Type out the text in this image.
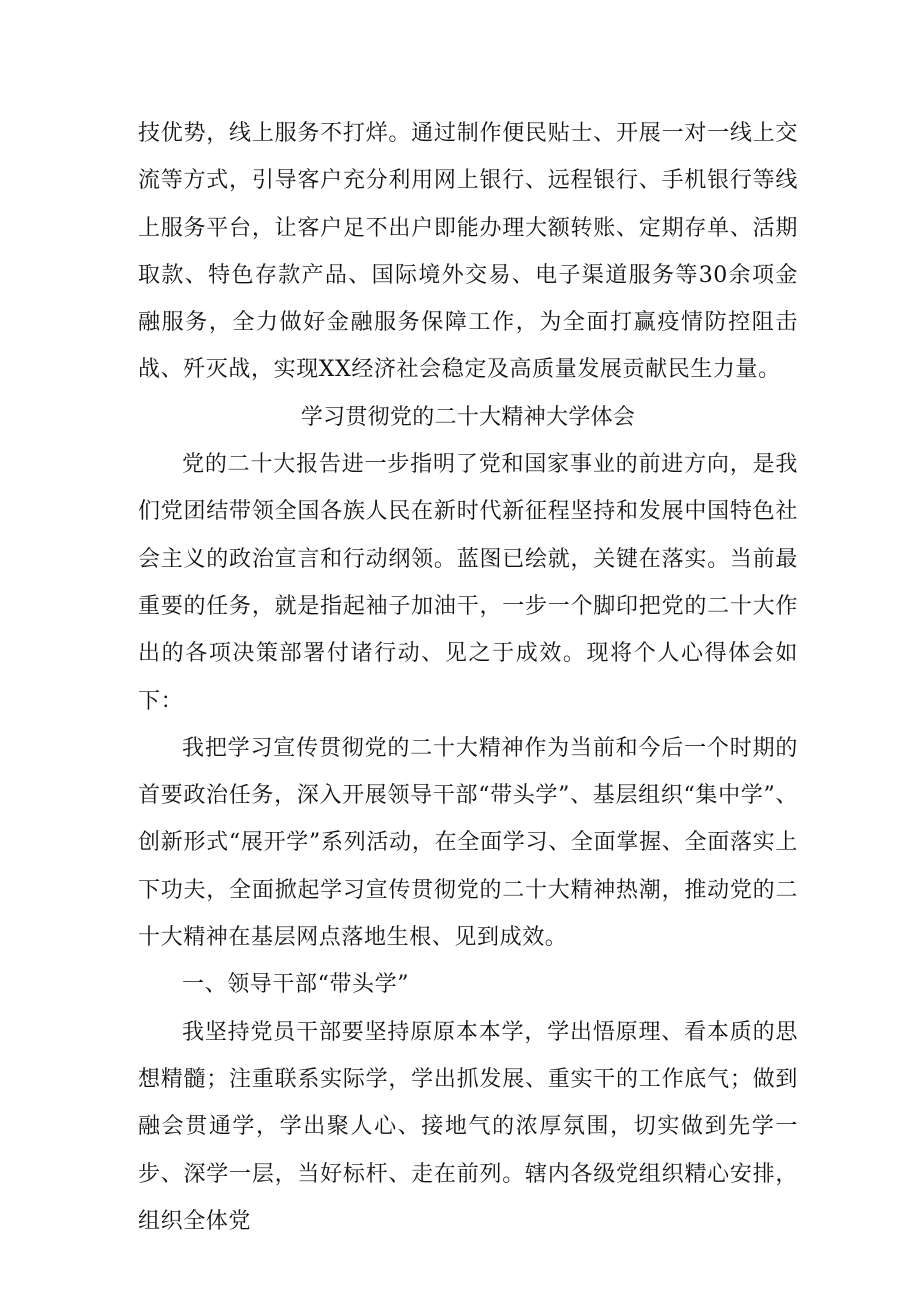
技优势，线上服务不打烊。通过制作便民贴士、开展一对一线上交流等方式，引导客户充分利用网上银行、远程银行、手机银行等线上服务平台，让客户足不出户即能办理大额转账、定期存单、活期取款、特色存款产品、国际境外交易、电子渠道服务等30余项金融服务，全力做好金融服务保障工作，为全面打赢疫情防控阻击战、歼灭战，实现XX经济社会稳定及高质量发展贡献民生力量。

学习贯彻党的二十大精神大学体会

党的二十大报告进一步指明了党和国家事业的前进方向，是我们党团结带领全国各族人民在新时代新征程坚持和发展中国特色社会主义的政治宣言和行动纲领。蓝图已绘就，关键在落实。当前最重要的任务，就是指起袖子加油干，一步一个脚印把党的二十大作出的各项决策部署付诸行动、见之于成效。现将个人心得体会如下：

我把学习宣传贯彻党的二十大精神作为当前和今后一个时期的首要政治任务，深入开展领导干部“带头学”、基层组织“集中学”、创新形式“展开学”系列活动，在全面学习、全面掌握、全面落实上下功夫，全面掀起学习宣传贯彻党的二十大精神热潮，推动党的二十大精神在基层网点落地生根、见到成效。

一、领导干部“带头学”

我坚持党员干部要坚持原原本本学，学出悟原理、看本质的思想精髓；注重联系实际学，学出抓发展、重实干的工作底气；做到融会贯通学，学出聚人心、接地气的浓厚氛围，切实做到先学一步、深学一层，当好标杆、走在前列。辖内各级党组织精心安排，组织全体党
